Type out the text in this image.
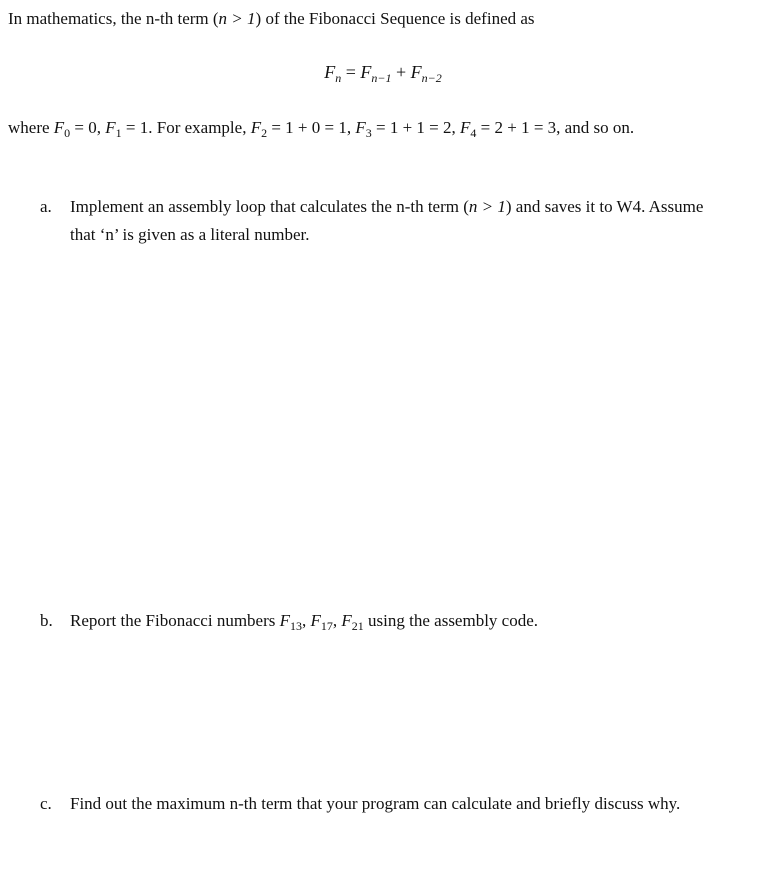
In mathematics, the n-th term (n > 1) of the Fibonacci Sequence is defined as
$F_n = F_{n-1} + F_{n-2}$
where $F_0 = 0$, $F_1 = 1$. For example, $F_2 = 1 + 0 = 1$, $F_3 = 1 + 1 = 2$, $F_4 = 2 + 1 = 3$, and so on.
a. Implement an assembly loop that calculates the n-th term (n > 1) and saves it to W4. Assume
that ‘n’ is given as a literal number.
b. Report the Fibonacci numbers $F_{13}$, $F_{17}$, $F_{21}$ using the assembly code.
c. Find out the maximum n-th term that your program can calculate and briefly discuss why.
